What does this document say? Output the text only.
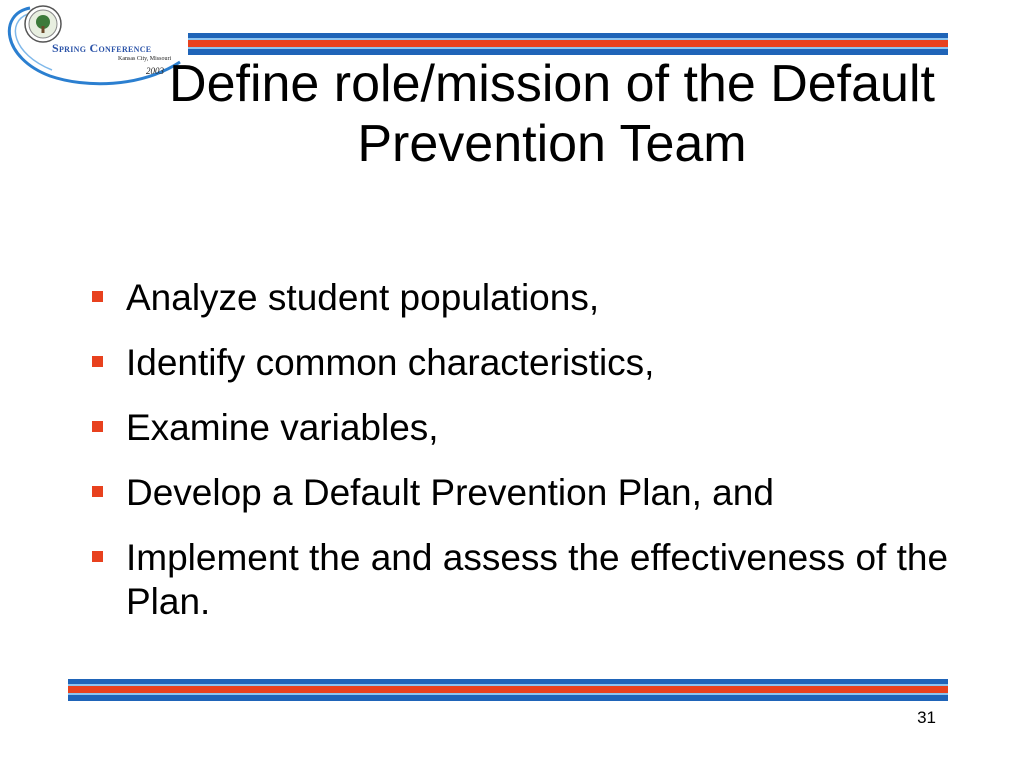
Spring Conference
Kansas City, Missouri
2003 Define role/mission of the Default
Prevention Team
Analyze student populations,
Identify common characteristics,
Examine variables,
Develop a Default Prevention Plan, and
Implement the and assess the effectiveness of the Plan.
31
